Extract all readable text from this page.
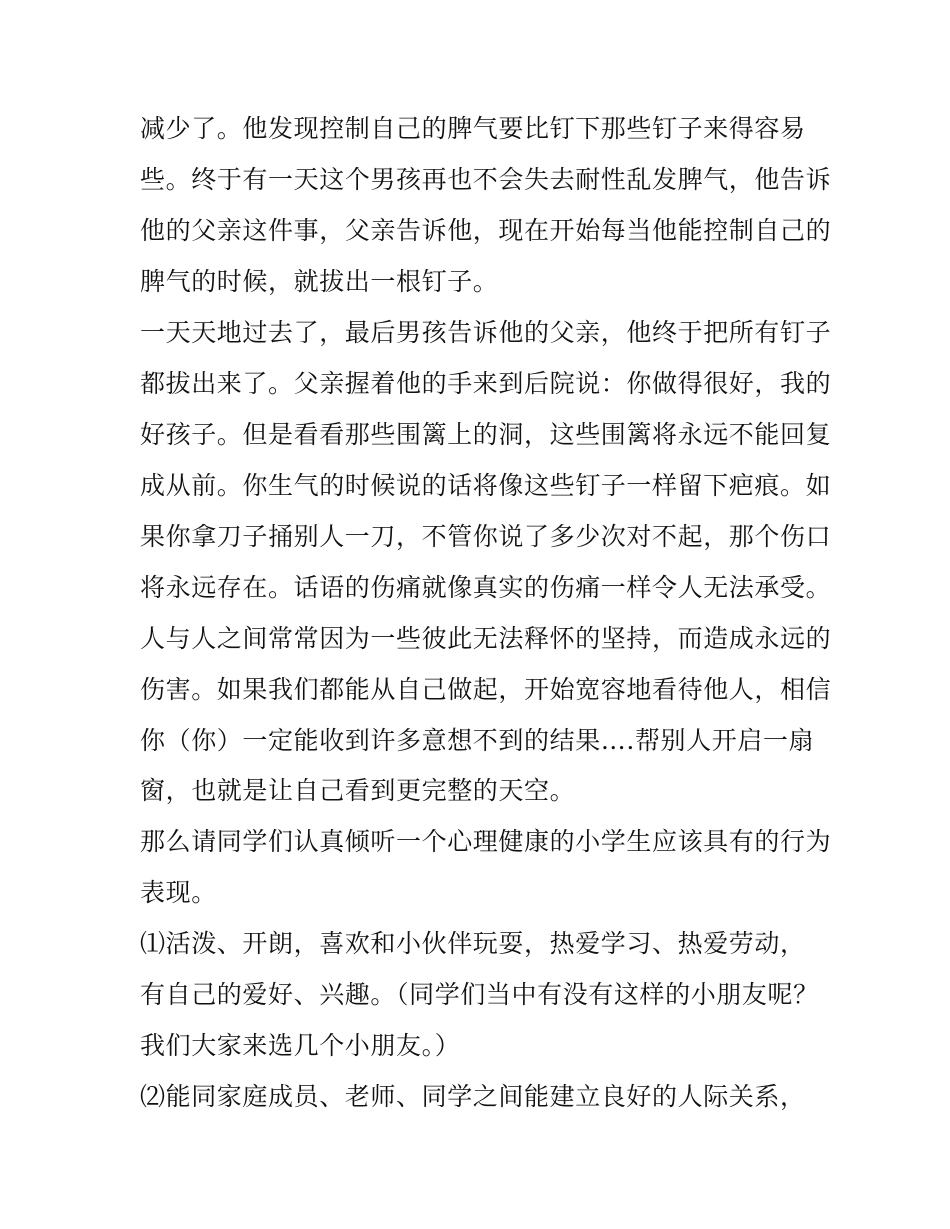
减少了。他发现控制自己的脾气要比钉下那些钉子来得容易
些。终于有一天这个男孩再也不会失去耐性乱发脾气，他告诉
他的父亲这件事，父亲告诉他，现在开始每当他能控制自己的
脾气的时候，就拔出一根钉子。
一天天地过去了，最后男孩告诉他的父亲，他终于把所有钉子
都拔出来了。父亲握着他的手来到后院说：你做得很好，我的
好孩子。但是看看那些围篱上的洞，这些围篱将永远不能回复
成从前。你生气的时候说的话将像这些钉子一样留下疤痕。如
果你拿刀子捅别人一刀，不管你说了多少次对不起，那个伤口
将永远存在。话语的伤痛就像真实的伤痛一样令人无法承受。
人与人之间常常因为一些彼此无法释怀的坚持，而造成永远的
伤害。如果我们都能从自己做起，开始宽容地看待他人，相信
你（你）一定能收到许多意想不到的结果….帮别人开启一扇
窗，也就是让自己看到更完整的天空。
那么请同学们认真倾听一个心理健康的小学生应该具有的行为
表现。
⑴活泼、开朗，喜欢和小伙伴玩耍，热爱学习、热爱劳动，
有自己的爱好、兴趣。（同学们当中有没有这样的小朋友呢？
我们大家来选几个小朋友。）
⑵能同家庭成员、老师、同学之间能建立良好的人际关系，
